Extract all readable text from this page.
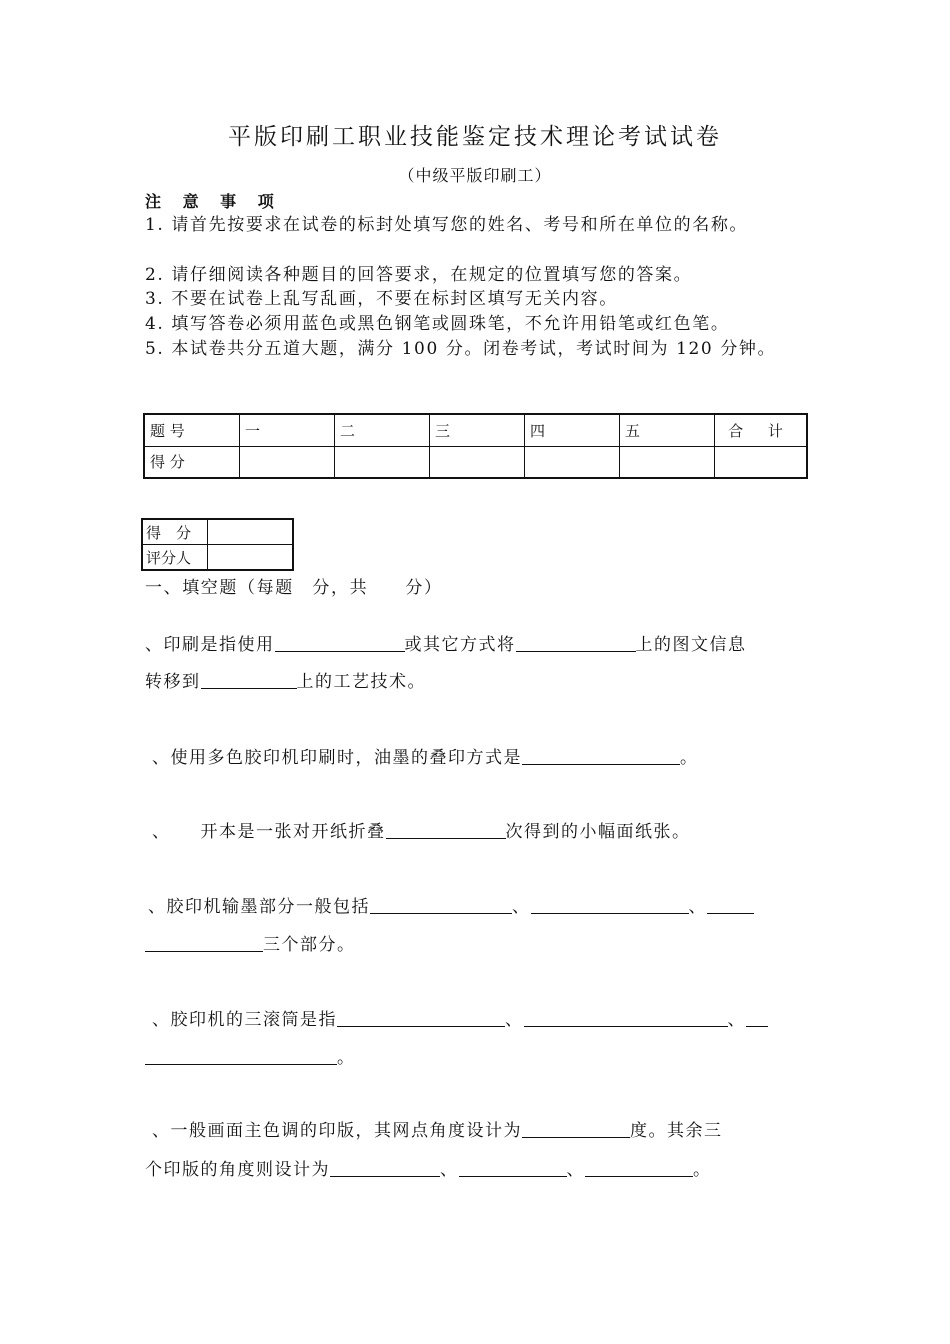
平版印刷工职业技能鉴定技术理论考试试卷
（中级平版印刷工）
注 意 事 项
1. 请首先按要求在试卷的标封处填写您的姓名、考号和所在单位的名称。
2. 请仔细阅读各种题目的回答要求，在规定的位置填写您的答案。
3. 不要在试卷上乱写乱画，不要在标封区填写无关内容。
4. 填写答卷必须用蓝色或黑色钢笔或圆珠笔，不允许用铅笔或红色笔。
5. 本试卷共分五道大题，满分 100 分。闭卷考试，考试时间为 120 分钟。
题 号	一	二	三	四	五	合 计
得 分						
得　分	
评分人	
一、填空题（每题　分，共　　分）
、印刷是指使用	或其它方式将	上的图文信息
转移到	上的工艺技术。
、使用多色胶印机印刷时，油墨的叠印方式是	。
、 开本是一张对开纸折叠	次得到的小幅面纸张。
、胶印机输墨部分一般包括	、	、
三个部分。
、胶印机的三滚筒是指	、	、
。
、一般画面主色调的印版，其网点角度设计为	度。其余三
个印版的角度则设计为	、	、	。
